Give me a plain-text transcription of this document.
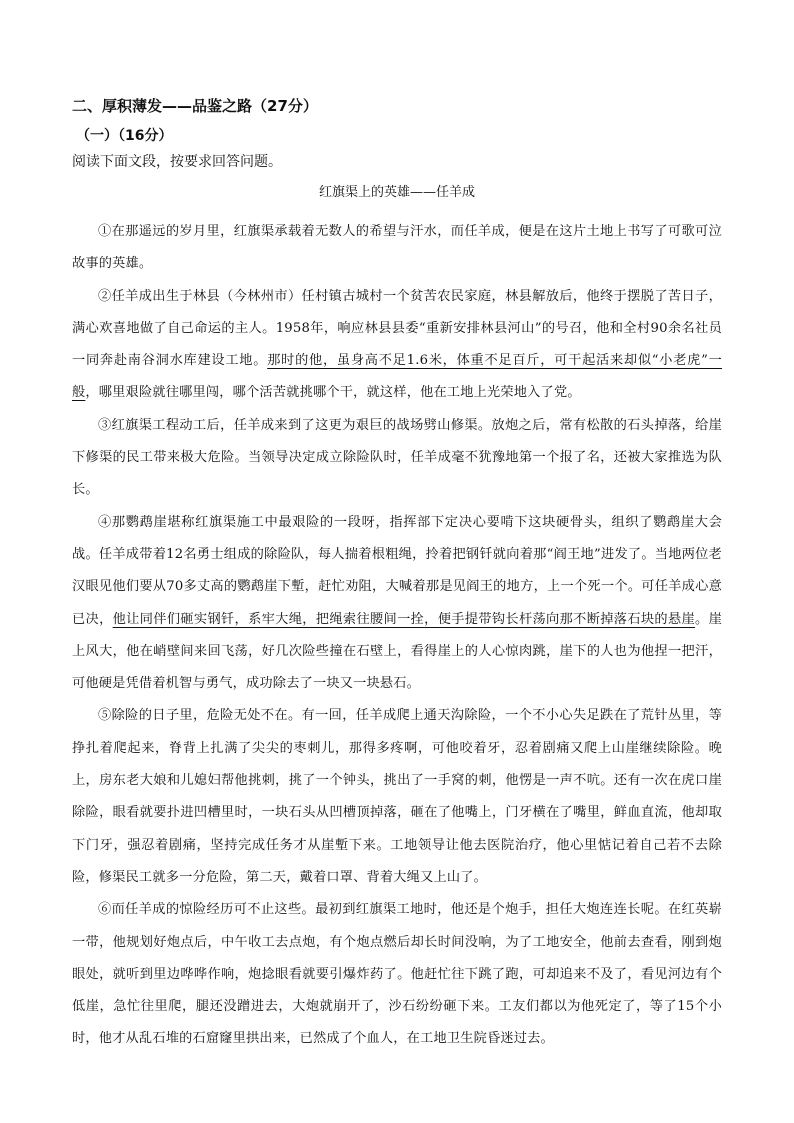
二、厚积薄发——品鉴之路（27分）
（一）（16分）
阅读下面文段，按要求回答问题。
红旗渠上的英雄——任羊成

①在那遥远的岁月里，红旗渠承载着无数人的希望与汗水，而任羊成，便是在这片土地上书写了可歌可泣故事的英雄。

②任羊成出生于林县（今林州市）任村镇古城村一个贫苦农民家庭，林县解放后，他终于摆脱了苦日子，满心欢喜地做了自己命运的主人。1958年，响应林县县委“重新安排林县河山”的号召，他和全村90余名社员一同奔赴南谷洞水库建设工地。那时的他，虽身高不足1.6米，体重不足百斤，可干起活来却似“小老虎”一般，哪里艰险就往哪里闯，哪个活苦就挑哪个干，就这样，他在工地上光荣地入了党。

③红旗渠工程动工后，任羊成来到了这更为艰巨的战场劈山修渠。放炮之后，常有松散的石头掉落，给崖下修渠的民工带来极大危险。当领导决定成立除险队时，任羊成毫不犹豫地第一个报了名，还被大家推选为队长。

④那鹦鹉崖堪称红旗渠施工中最艰险的一段呀，指挥部下定决心要啃下这块硬骨头，组织了鹦鹉崖大会战。任羊成带着12名勇士组成的除险队，每人揣着根粗绳，拎着把钢钎就向着那“阎王地”进发了。当地两位老汉眼见他们要从70多丈高的鹦鹉崖下塹，赶忙劝阻，大喊着那是见阎王的地方，上一个死一个。可任羊成心意已决，他让同伴们砸实钢钎，系牢大绳，把绳索往腰间一拴，便手提带钩长杆荡向那不断掉落石块的悬崖。崖上风大，他在峭壁间来回飞荡，好几次险些撞在石壁上，看得崖上的人心惊肉跳，崖下的人也为他捏一把汗，可他硬是凭借着机智与勇气，成功除去了一块又一块悬石。

⑤除险的日子里，危险无处不在。有一回，任羊成爬上通天沟除险，一个不小心失足跌在了荒针丛里，等挣扎着爬起来，脊背上扎满了尖尖的枣刺儿，那得多疼啊，可他咬着牙，忍着剧痛又爬上山崖继续除险。晚上，房东老大娘和儿媳妇帮他挑刺，挑了一个钟头，挑出了一手窝的刺，他愣是一声不吭。还有一次在虎口崖除险，眼看就要扑进凹槽里时，一块石头从凹槽顶掉落，砸在了他嘴上，门牙横在了嘴里，鲜血直流，他却取下门牙，强忍着剧痛，坚持完成任务才从崖塹下来。工地领导让他去医院治疗，他心里惦记着自己若不去除险，修渠民工就多一分危险，第二天，戴着口罩、背着大绳又上山了。

⑥而任羊成的惊险经历可不止这些。最初到红旗渠工地时，他还是个炮手，担任大炮连连长呢。在红英崭一带，他规划好炮点后，中午收工去点炮，有个炮点燃后却长时间没响，为了工地安全，他前去查看，刚到炮眼处，就听到里边哗哗作响，炮捻眼看就要引爆炸药了。他赶忙往下跳了跑，可却追来不及了，看见河边有个低崖，急忙往里爬，腿还没蹭进去，大炮就崩开了，沙石纷纷砸下来。工友们都以为他死定了，等了15个小时，他才从乱石堆的石窟窿里拱出来，已然成了个血人，在工地卫生院昏迷过去。
